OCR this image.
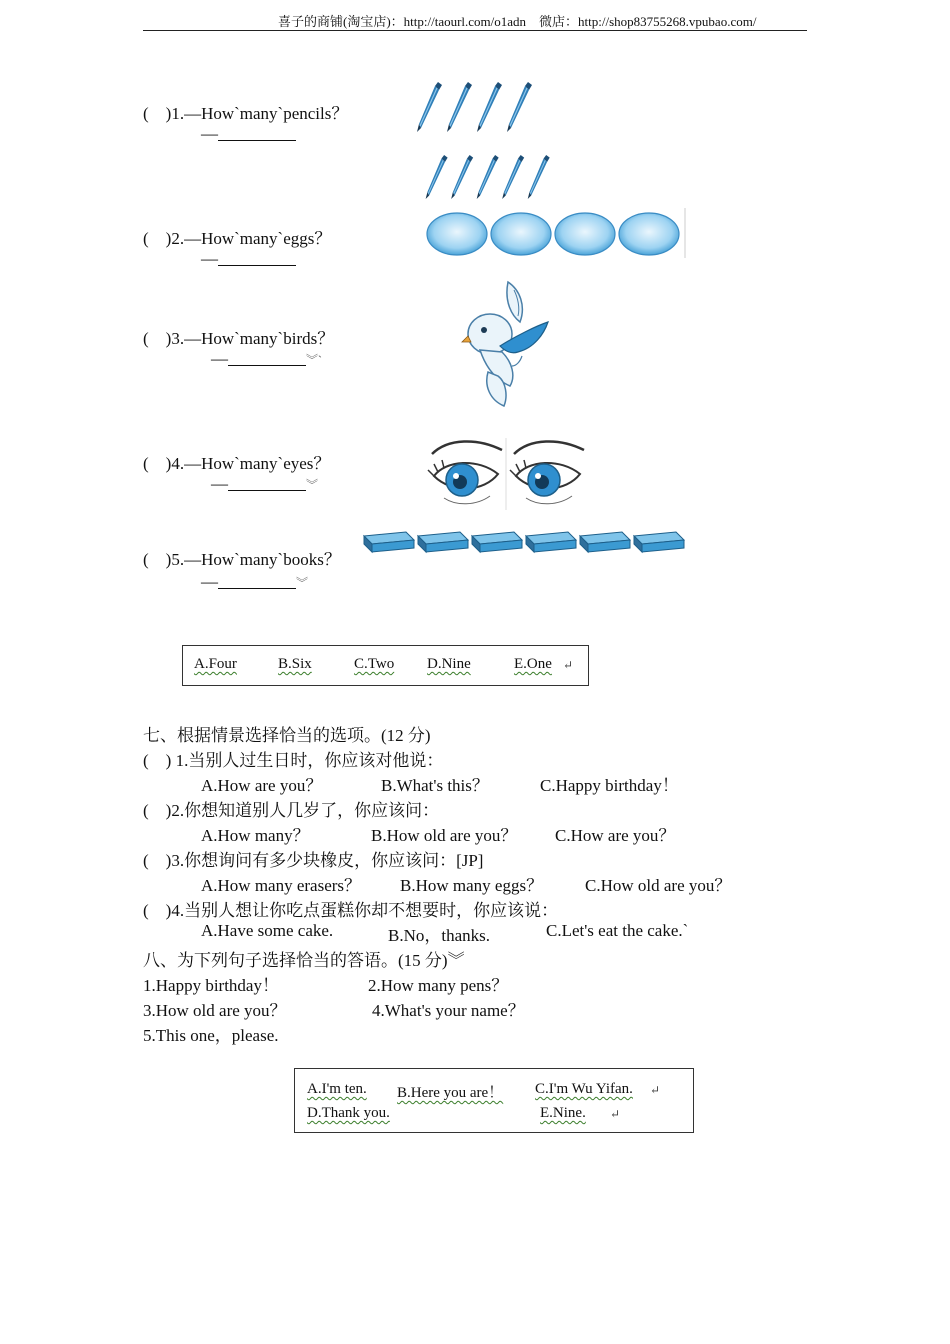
喜子的商铺(淘宝店)：http://taourl.com/o1adn　微店：http://shop83755268.vpubao.com/
(　)1.—How`many`pencils？
—
(　)2.—How`many`eggs？
—
(　)3.—How`many`birds？
—	︾`
(　)4.—How`many`eyes？
—	︾
(　)5.—How`many`books？
—	︾
A.Four	B.Six	C.Two D.Nine	E.One ↵
七、根据情景选择恰当的选项。(12 分)
(　) 1.当别人过生日时，你应该对他说：
A.How are you？	B.What's this？	C.Happy birthday！
(　)2.你想知道别人几岁了，你应该问：
A.How many？	B.How old are you？ C.How are you？
(　)3.你想询问有多少块橡皮，你应该问：[JP]
A.How many erasers？ B.How many eggs？ C.How old are you？
(　)4.当别人想让你吃点蛋糕你却不想要时，你应该说：
A.Have some cake.	B.No，thanks.	C.Let's eat the cake.`
八、为下列句子选择恰当的答语。(15 分)︾
1.Happy birthday！	2.How many pens？
3.How old are you？	4.What's your name？
5.This one，please.
A.I'm ten. B.Here you are！ C.I'm Wu Yifan. ↵
D.Thank you.	E.Nine. ↵
